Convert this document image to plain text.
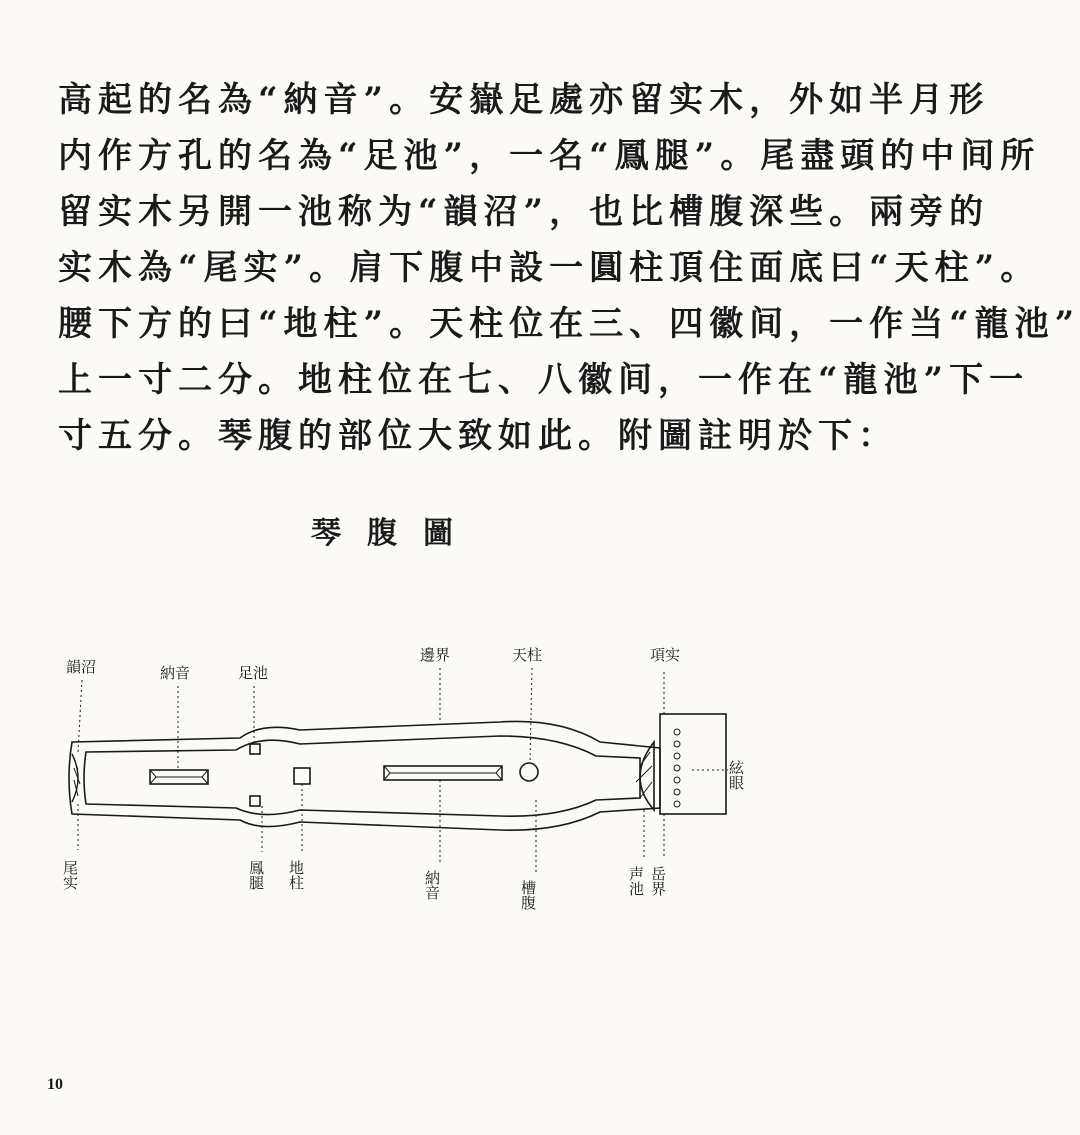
高起的名為“納音”。安嶽足處亦留实木，外如半月形
内作方孔的名為“足池”，一名“鳳腿”。尾盡頭的中间所
留实木另開一池称为“韻沼”，也比槽腹深些。兩旁的
实木為“尾实”。肩下腹中設一圓柱頂住面底曰“天柱”。
腰下方的曰“地柱”。天柱位在三、四徽间，一作当“龍池”
上一寸二分。地柱位在七、八徽间，一作在“龍池”下一
寸五分。琴腹的部位大致如此。附圖註明於下：
琴腹圖
韻沼	納音	足池
邊界	天柱	項实
絃眼
尾实	鳳腿 地柱	納音	槽腹	声池 岳界
10
